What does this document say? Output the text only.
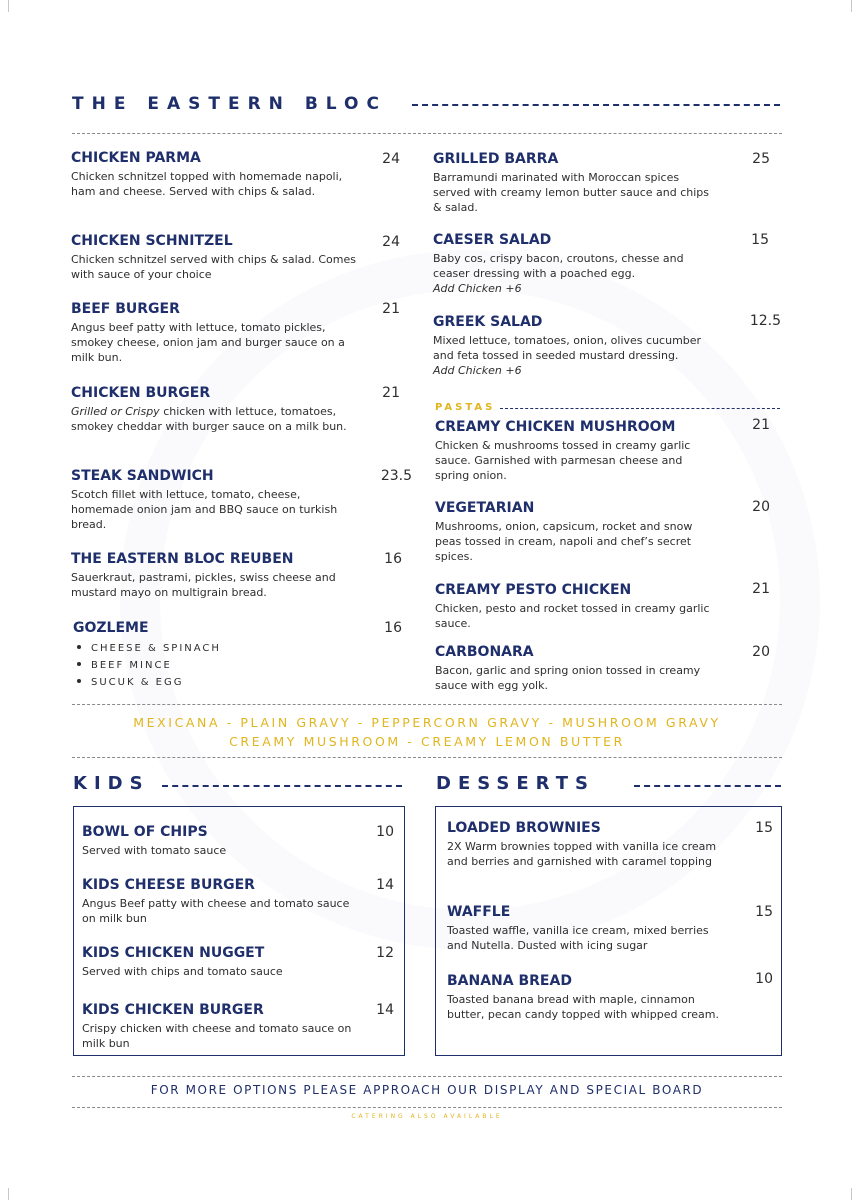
THE EASTERN BLOC
CHICKEN PARMA
Chicken schnitzel topped with homemade napoli, ham and cheese. Served with chips & salad.
24
CHICKEN SCHNITZEL
Chicken schnitzel served with chips & salad. Comes with sauce of your choice
24
BEEF BURGER
Angus beef patty with lettuce, tomato pickles, smokey cheese, onion jam and burger sauce on a milk bun.
21
CHICKEN BURGER
Grilled or Crispy chicken with lettuce, tomatoes, smokey cheddar with burger sauce on a milk bun.
21
STEAK SANDWICH
Scotch fillet with lettuce, tomato, cheese, homemade onion jam and BBQ sauce on turkish bread.
23.5
THE EASTERN BLOC REUBEN
Sauerkraut, pastrami, pickles, swiss cheese and mustard mayo on multigrain bread.
16
GOZLEME
CHEESE & SPINACH
BEEF MINCE
SUCUK & EGG
16
GRILLED BARRA
Barramundi marinated with Moroccan spices served with creamy lemon butter sauce and chips & salad.
25
CAESER SALAD
Baby cos, crispy bacon, croutons, chesse and ceaser dressing with a poached egg.
Add Chicken +6
15
GREEK SALAD
Mixed lettuce, tomatoes, onion, olives cucumber and feta tossed in seeded mustard dressing.
Add Chicken +6
12.5
PASTAS
CREAMY CHICKEN MUSHROOM
Chicken & mushrooms tossed in creamy garlic sauce. Garnished with parmesan cheese and spring onion.
21
VEGETARIAN
Mushrooms, onion, capsicum, rocket and snow peas tossed in cream, napoli and chef’s secret spices.
20
CREAMY PESTO CHICKEN
Chicken, pesto and rocket tossed in creamy garlic sauce.
21
CARBONARA
Bacon, garlic and spring onion tossed in creamy sauce with egg yolk.
20
MEXICANA - PLAIN GRAVY - PEPPERCORN GRAVY - MUSHROOM GRAVY
CREAMY MUSHROOM - CREAMY LEMON BUTTER
KIDS
BOWL OF CHIPS
Served with tomato sauce
10
KIDS CHEESE BURGER
Angus Beef patty with cheese and tomato sauce on milk bun
14
KIDS CHICKEN NUGGET
Served with chips and tomato sauce
12
KIDS CHICKEN BURGER
Crispy chicken with cheese and tomato sauce on milk bun
14
DESSERTS
LOADED BROWNIES
2X Warm brownies topped with vanilla ice cream and berries and garnished with caramel topping
15
WAFFLE
Toasted waffle, vanilla ice cream, mixed berries and Nutella. Dusted with icing sugar
15
BANANA BREAD
Toasted banana bread with maple, cinnamon butter, pecan candy topped with whipped cream.
10
FOR MORE OPTIONS PLEASE APPROACH OUR DISPLAY AND SPECIAL BOARD
CATERING ALSO AVAILABLE
